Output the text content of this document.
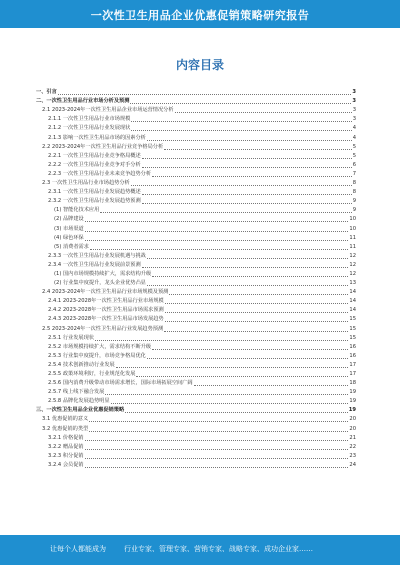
一次性卫生用品企业优惠促销策略研究报告
内容目录
一、引言	3
二、一次性卫生用品行业市场分析及预测	3
2.1 2023-2024年一次性卫生用品企业市场运营情况分析	3
2.1.1 一次性卫生用品行业市场规模	3
2.1.2 一次性卫生用品行业发展现状	4
2.1.3 影响一次性卫生用品市场的因素分析	4
2.2 2023-2024年一次性卫生用品行业竞争格局分析	5
2.2.1 一次性卫生用品行业竞争格局概述	5
2.2.2 一次性卫生用品行业竞争对手分析	6
2.2.3 一次性卫生用品行业未来竞争趋势分析	7
2.3 一次性卫生用品行业市场趋势分析	8
2.3.1 一次性卫生用品行业发展趋势概述	8
2.3.2 一次性卫生用品行业发展趋势预测	9
(1) 智能化技术应用	9
(2) 品牌建设	10
(3) 市场渠道	10
(4) 绿色环保	11
(5) 消费者需求	11
2.3.3 一次性卫生用品行业发展机遇与挑战	12
2.3.4 一次性卫生用品行业发展前景预测	12
(1) 国内市场规模持续扩大，需求结构升级	12
(2) 行业集中度提升，龙头企业优势凸显	13
2.4 2023-2024年一次性卫生用品行业市场规模及预测	14
2.4.1 2023-2028年一次性卫生用品行业市场规模	14
2.4.2 2023-2028年一次性卫生用品市场需求预测	14
2.4.3 2023-2028年一次性卫生用品市场发展趋势	15
2.5 2023-2024年一次性卫生用品行业发展趋势预测	15
2.5.1 行业发展现状	15
2.5.2 市场规模持续扩大，需求结构不断升级	16
2.5.3 行业集中度提升，市场竞争格局优化	16
2.5.4 技术创新推动行业发展	17
2.5.5 政策环境利好，行业规范化发展	17
2.5.6 国内消费升级带动市场需求增长，国际市场拓展空间广阔	18
2.5.7 线上线下融合发展	19
2.5.8 品牌化发展趋势明显	19
三、一次性卫生用品企业优惠促销策略	19
3.1 优惠促销的意义	20
3.2 优惠促销的类型	20
3.2.1 价格促销	21
3.2.2 赠品促销	22
3.2.3 积分促销	23
3.2.4 会员促销	24
让每个人都能成为	行业专家、管理专家、营销专家、战略专家、成功企业家……
